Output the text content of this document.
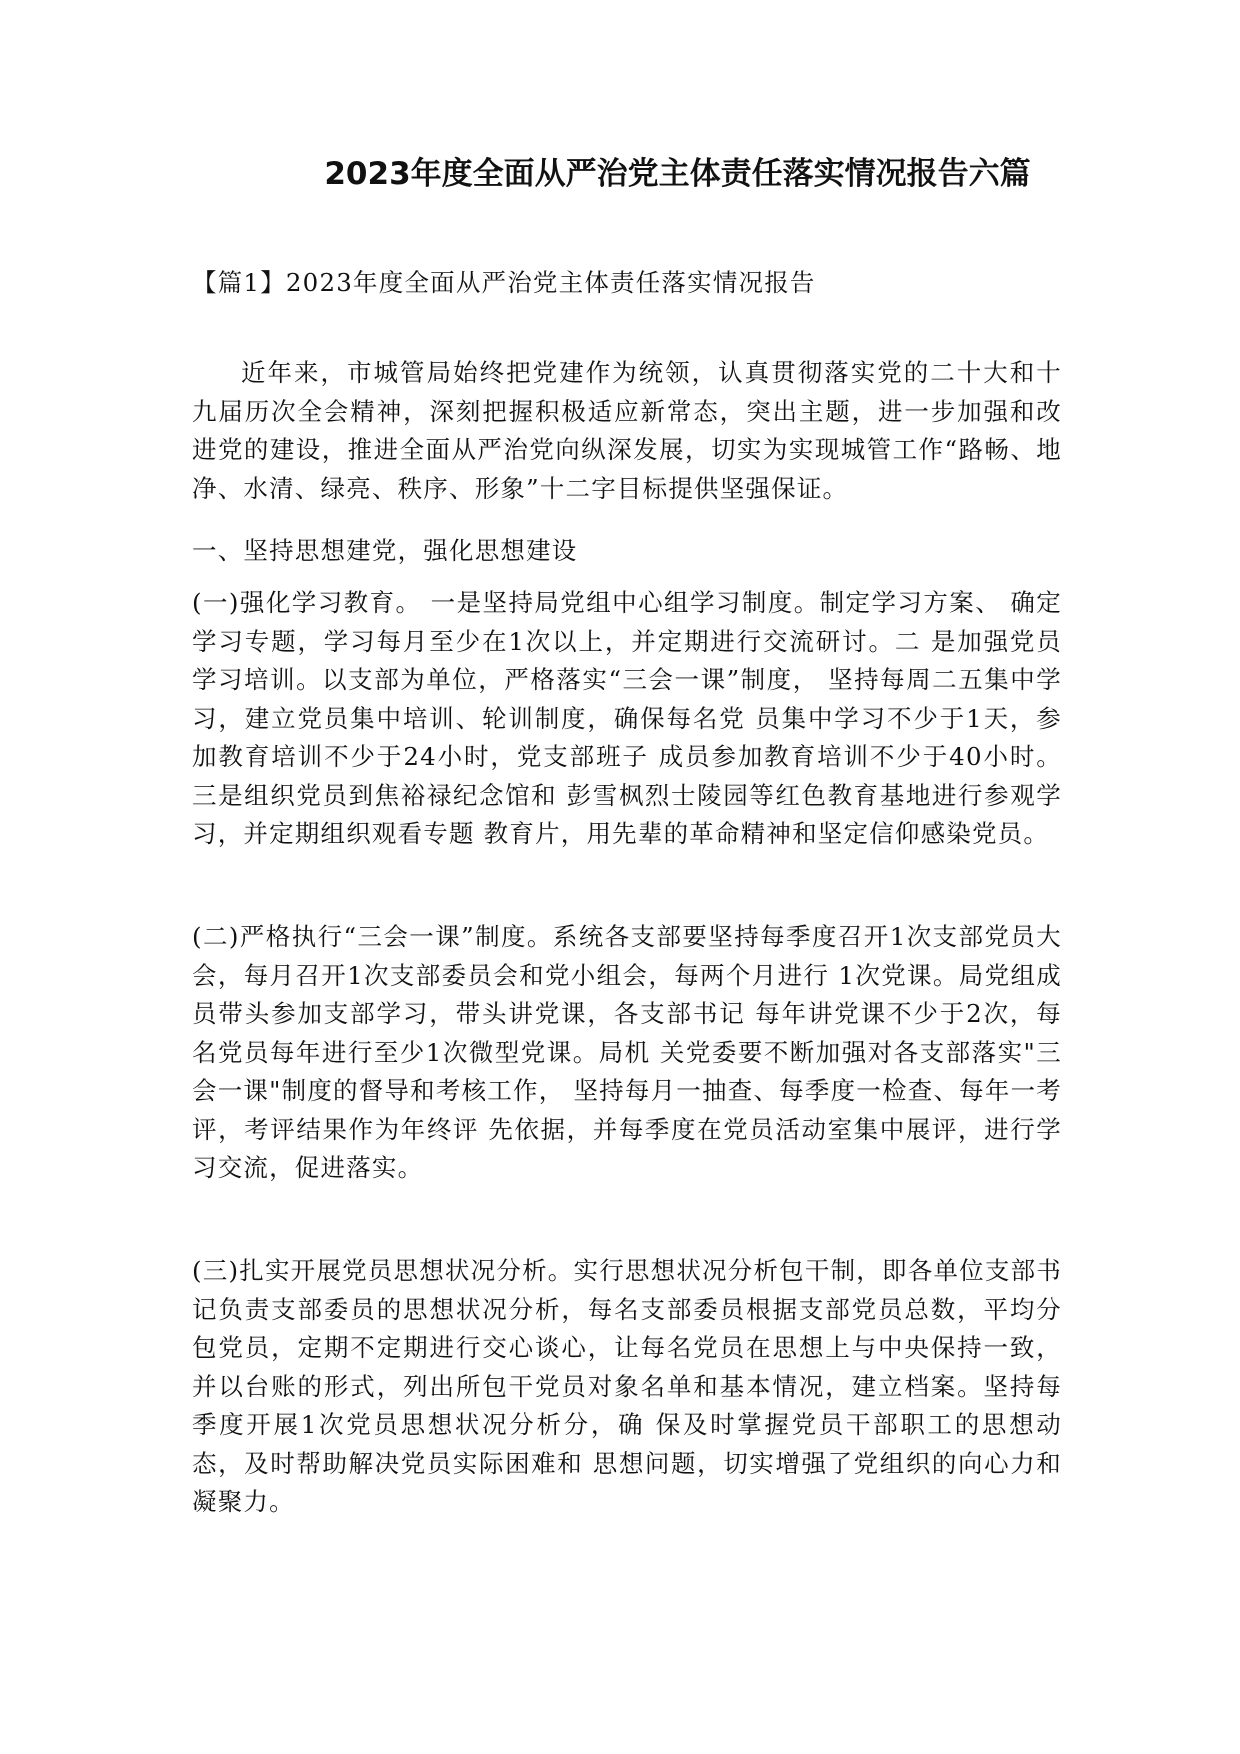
2023年度全面从严治党主体责任落实情况报告六篇

【篇1】2023年度全面从严治党主体责任落实情况报告

近年来，市城管局始终把党建作为统领，认真贯彻落实党的二十大和十九届历次全会精神，深刻把握积极适应新常态，突出主题，进一步加强和改进党的建设，推进全面从严治党向纵深发展，切实为实现城管工作“路畅、地净、水清、绿亮、秩序、形象”十二字目标提供坚强保证。

一、坚持思想建党，强化思想建设

(一)强化学习教育。 一是坚持局党组中心组学习制度。制定学习方案、 确定学习专题，学习每月至少在1次以上，并定期进行交流研讨。二 是加强党员学习培训。以支部为单位，严格落实“三会一课”制度， 坚持每周二五集中学习，建立党员集中培训、轮训制度，确保每名党 员集中学习不少于1天，参加教育培训不少于24小时，党支部班子 成员参加教育培训不少于40小时。三是组织党员到焦裕禄纪念馆和 彭雪枫烈士陵园等红色教育基地进行参观学习，并定期组织观看专题 教育片，用先辈的革命精神和坚定信仰感染党员。

(二)严格执行“三会一课”制度。系统各支部要坚持每季度召开1次支部党员大会，每月召开1次支部委员会和党小组会，每两个月进行 1次党课。局党组成员带头参加支部学习，带头讲党课，各支部书记 每年讲党课不少于2次，每名党员每年进行至少1次微型党课。局机 关党委要不断加强对各支部落实"三会一课"制度的督导和考核工作， 坚持每月一抽查、每季度一检查、每年一考评，考评结果作为年终评 先依据，并每季度在党员活动室集中展评，进行学习交流，促进落实。

(三)扎实开展党员思想状况分析。实行思想状况分析包干制，即各单位支部书记负责支部委员的思想状况分析，每名支部委员根据支部党员总数，平均分包党员，定期不定期进行交心谈心，让每名党员在思想上与中央保持一致，并以台账的形式，列出所包干党员对象名单和基本情况，建立档案。坚持每季度开展1次党员思想状况分析分，确 保及时掌握党员干部职工的思想动态，及时帮助解决党员实际困难和 思想问题，切实增强了党组织的向心力和凝聚力。
